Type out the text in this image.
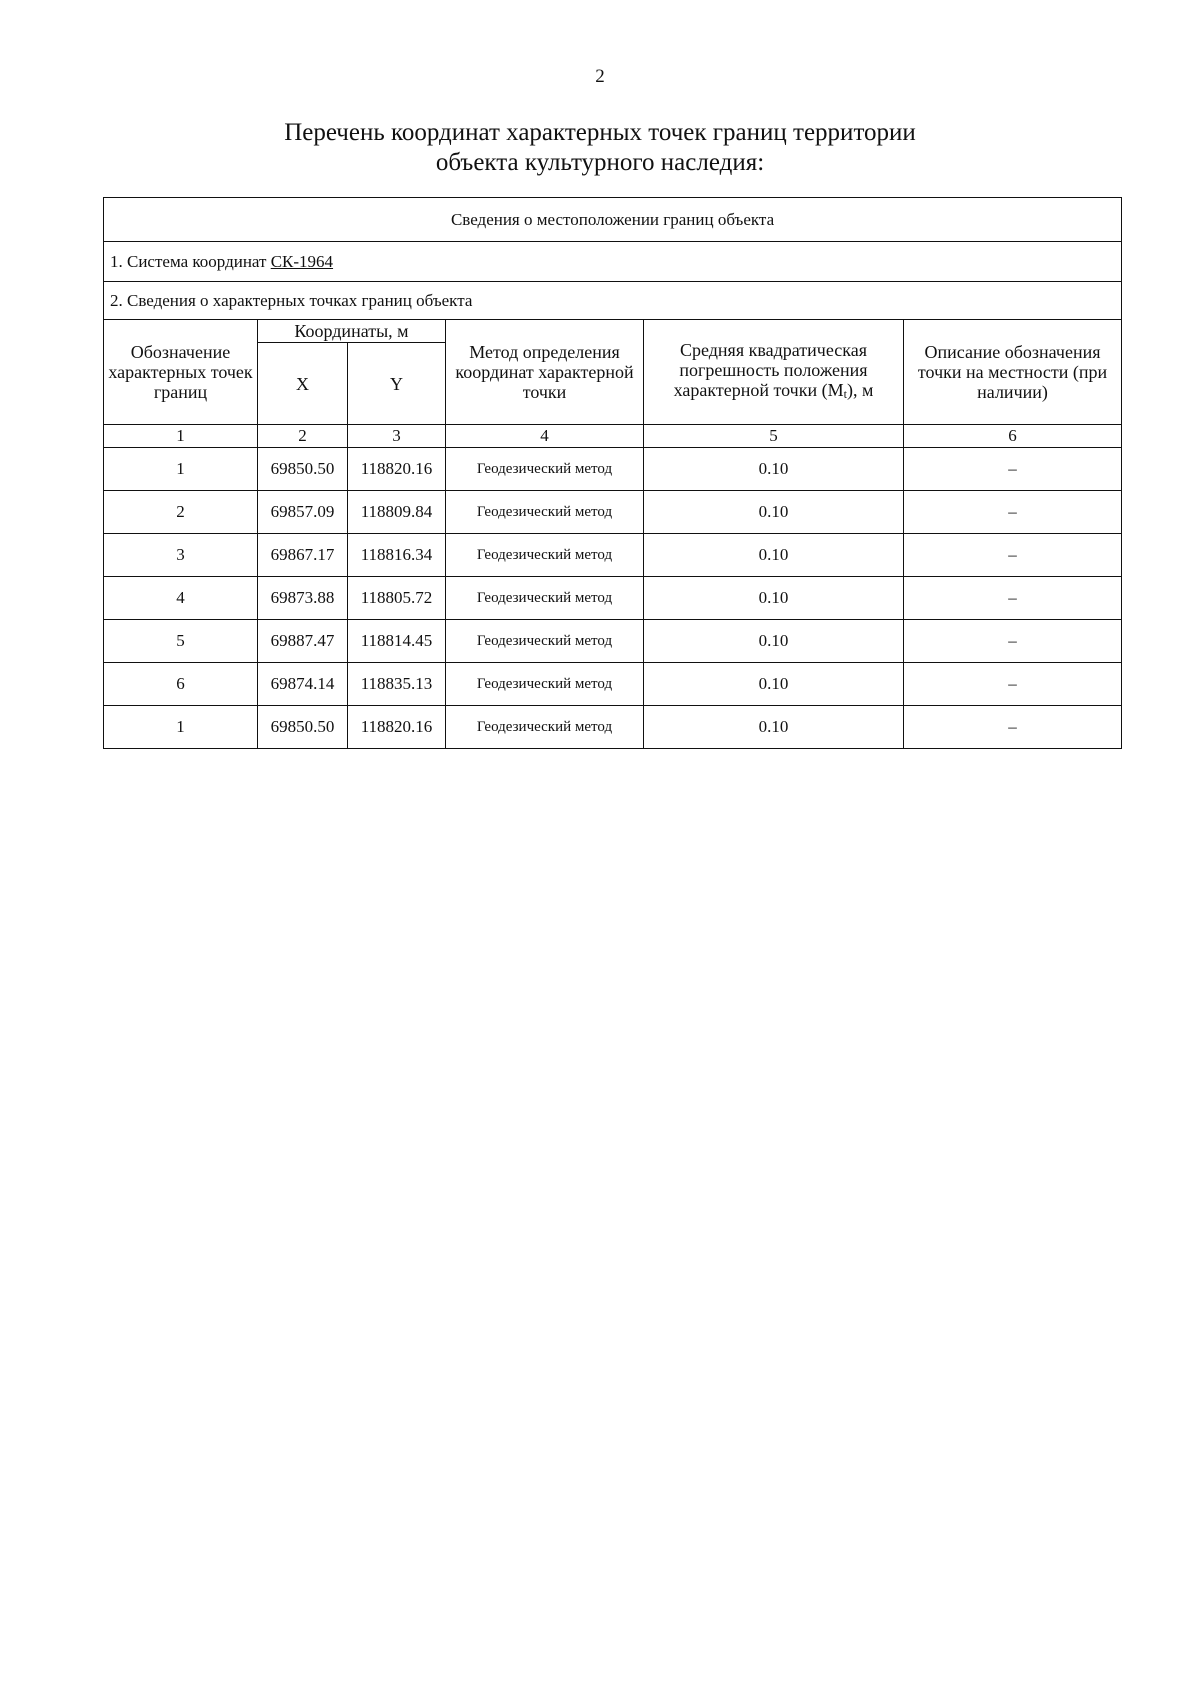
2
Перечень координат характерных точек границ территории
объекта культурного наследия:
Сведения о местоположении границ объекта					
1. Система координат СК-1964					
2. Сведения о характерных точках границ объекта					
Обозначение характерных точек границ	Координаты, м		Метод определения координат характерной точки	Средняя квадратическая погрешность положения характерной точки (Mt), м	Описание обозначения точки на местности (при наличии)
	X	Y			
1	2	3	4	5	6
1	69850.50	118820.16	Геодезический метод	0.10	–
2	69857.09	118809.84	Геодезический метод	0.10	–
3	69867.17	118816.34	Геодезический метод	0.10	–
4	69873.88	118805.72	Геодезический метод	0.10	–
5	69887.47	118814.45	Геодезический метод	0.10	–
6	69874.14	118835.13	Геодезический метод	0.10	–
1	69850.50	118820.16	Геодезический метод	0.10	–
